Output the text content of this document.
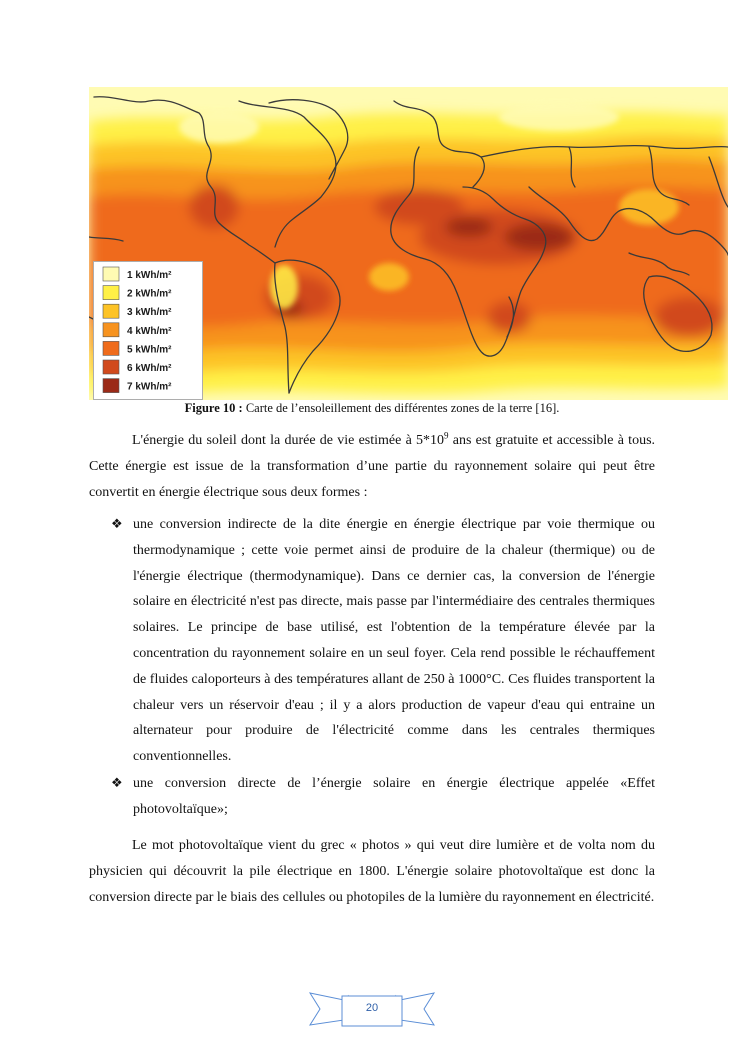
1 kWh/m²
2 kWh/m²
3 kWh/m²
4 kWh/m²
5 kWh/m²
6 kWh/m²
7 kWh/m²
Figure 10 : Carte de l’ensoleillement des différentes zones de la terre [16].
L'énergie du soleil dont la durée de vie estimée à $5*10^9$ ans est gratuite et accessible à tous. Cette énergie est issue de la transformation d’une partie du rayonnement solaire qui peut être convertit en énergie électrique sous deux formes :
❖ une conversion indirecte de la dite énergie en énergie électrique par voie thermique ou thermodynamique ; cette voie permet ainsi de produire de la chaleur (thermique) ou de l'énergie électrique (thermodynamique). Dans ce dernier cas, la conversion de l'énergie solaire en électricité n'est pas directe, mais passe par l'intermédiaire des centrales thermiques solaires. Le principe de base utilisé, est l'obtention de la température élevée par la concentration du rayonnement solaire en un seul foyer. Cela rend possible le réchauffement de fluides caloporteurs à des températures allant de 250 à 1000°C. Ces fluides transportent la chaleur vers un réservoir d'eau ; il y a alors production de vapeur d'eau qui entraine un alternateur pour produire de l'électricité comme dans les centrales thermiques conventionnelles.
❖ une conversion directe de l’énergie solaire en énergie électrique appelée «Effet photovoltaïque»;
Le mot photovoltaïque vient du grec « photos » qui veut dire lumière et de volta nom du physicien qui découvrit la pile électrique en 1800. L'énergie solaire photovoltaïque est donc la conversion directe par le biais des cellules ou photopiles de la lumière du rayonnement en électricité.
20
